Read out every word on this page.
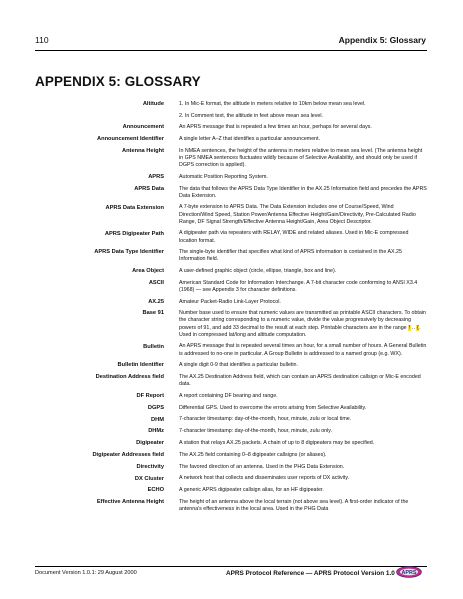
110	Appendix 5: Glossary
APPENDIX 5: GLOSSARY
Altitude	1. In Mic-E format, the altitude in meters relative to 10km below mean sea level.
2. In Comment text, the altitude in feet above mean sea level.
Announcement	An APRS message that is repeated a few times an hour, perhaps for several days.
Announcement Identifier	A single letter A–Z that identifies a particular announcement.
Antenna Height	In NMEA sentences, the height of the antenna in meters relative to mean sea level. (The antenna height in GPS NMEA sentences fluctuates wildly because of Selective Availability, and should only be used if DGPS correction is applied).
APRS	Automatic Position Reporting System.
APRS Data	The data that follows the APRS Data Type Identifier in the AX.25 Information field and precedes the APRS Data Extension.
APRS Data Extension	A 7-byte extension to APRS Data. The Data Extension includes one of Course/Speed, Wind Direction/Wind Speed, Station Power/Antenna Effective Height/Gain/Directivity, Pre-Calculated Radio Range, DF Signal Strength/Effective Antenna Height/Gain, Area Object Descriptor.
APRS Digipeater Path	A digipeater path via repeaters with RELAY, WIDE and related aliases. Used in Mic-E compressed location format.
APRS Data Type Identifier	The single-byte identifier that specifies what kind of APRS information is contained in the AX.25 Information field.
Area Object	A user-defined graphic object (circle, ellipse, triangle, box and line).
ASCII	American Standard Code for Information Interchange. A 7-bit character code conforming to ANSI X3.4 (1968) — see Appendix 3 for character definitions.
AX.25	Amateur Packet-Radio Link-Layer Protocol.
Base 91	Number base used to ensure that numeric values are transmitted as printable ASCII characters. To obtain the character string corresponding to a numeric value, divide the value progressively by decreasing powers of 91, and add 33 decimal to the result at each step. Printable characters are in the range ! .. {. Used in compressed lat/long and altitude computation.
Bulletin	An APRS message that is repeated several times an hour, for a small number of hours. A General Bulletin is addressed to no-one in particular. A Group Bulletin is addressed to a named group (e.g. WX).
Bulletin Identifier	A single digit 0-9 that identifies a particular bulletin.
Destination Address field	The AX.25 Destination Address field, which can contain an APRS destination callsign or Mic-E encoded data.
DF Report	A report containing DF bearing and range.
DGPS	Differential GPS. Used to overcome the errors arising from Selective Availability.
DHM	7-character timestamp: day-of-the-month, hour, minute, zulu or local time.
DHMz	7-character timestamp: day-of-the-month, hour, minute, zulu only.
Digipeater	A station that relays AX.25 packets. A chain of up to 8 digipeaters may be specified.
Digipeater Addresses field	The AX.25 field containing 0–8 digipeater callsigns (or aliases).
Directivity	The favored direction of an antenna. Used in the PHG Data Extension.
DX Cluster	A network host that collects and disseminates user reports of DX activity.
ECHO	A generic APRS digipeater callsign alias, for an HF digipeater.
Effective Antenna Height	The height of an antenna above the local terrain (not above sea level). A first-order indicator of the antenna's effectiveness in the local area. Used in the PHG Data
Document Version 1.0.1: 29 August 2000	APRS Protocol Reference — APRS Protocol Version 1.0 APRS
